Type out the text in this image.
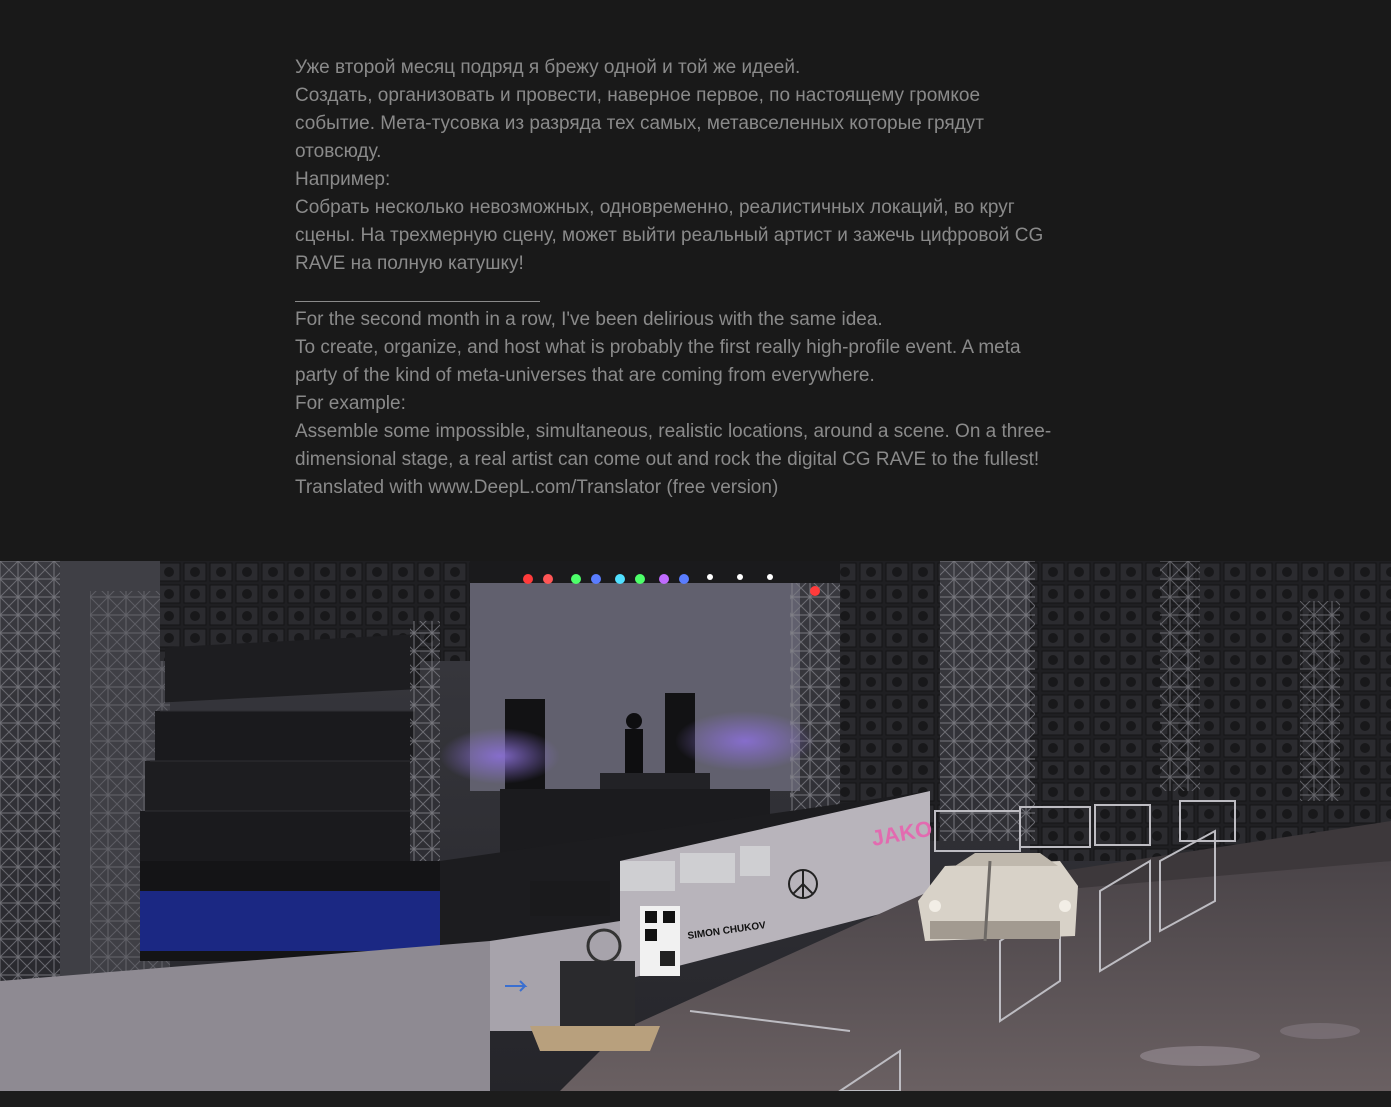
Уже второй месяц подряд я брежу одной и той же идеей.

Создать, организовать и провести, наверное первое, по настоящему громкое

событие. Мета-тусовка из разряда тех самых, метавселенных которые грядут

отовсюду.

Например:

Собрать несколько невозможных, одновременно, реалистичных локаций, во круг

сцены. На трехмерную сцену, может выйти реальный артист и зажечь цифровой CG

RAVE на полную катушку!

For the second month in a row, I've been delirious with the same idea.

To create, organize, and host what is probably the first really high-profile event. A meta

party of the kind of meta-universes that are coming from everywhere.

For example:

Assemble some impossible, simultaneous, realistic locations, around a scene. On a three-

dimensional stage, a real artist can come out and rock the digital CG RAVE to the fullest!

Translated with www.DeepL.com/Translator (free version)

SIMON CHUKOV
JAKO
